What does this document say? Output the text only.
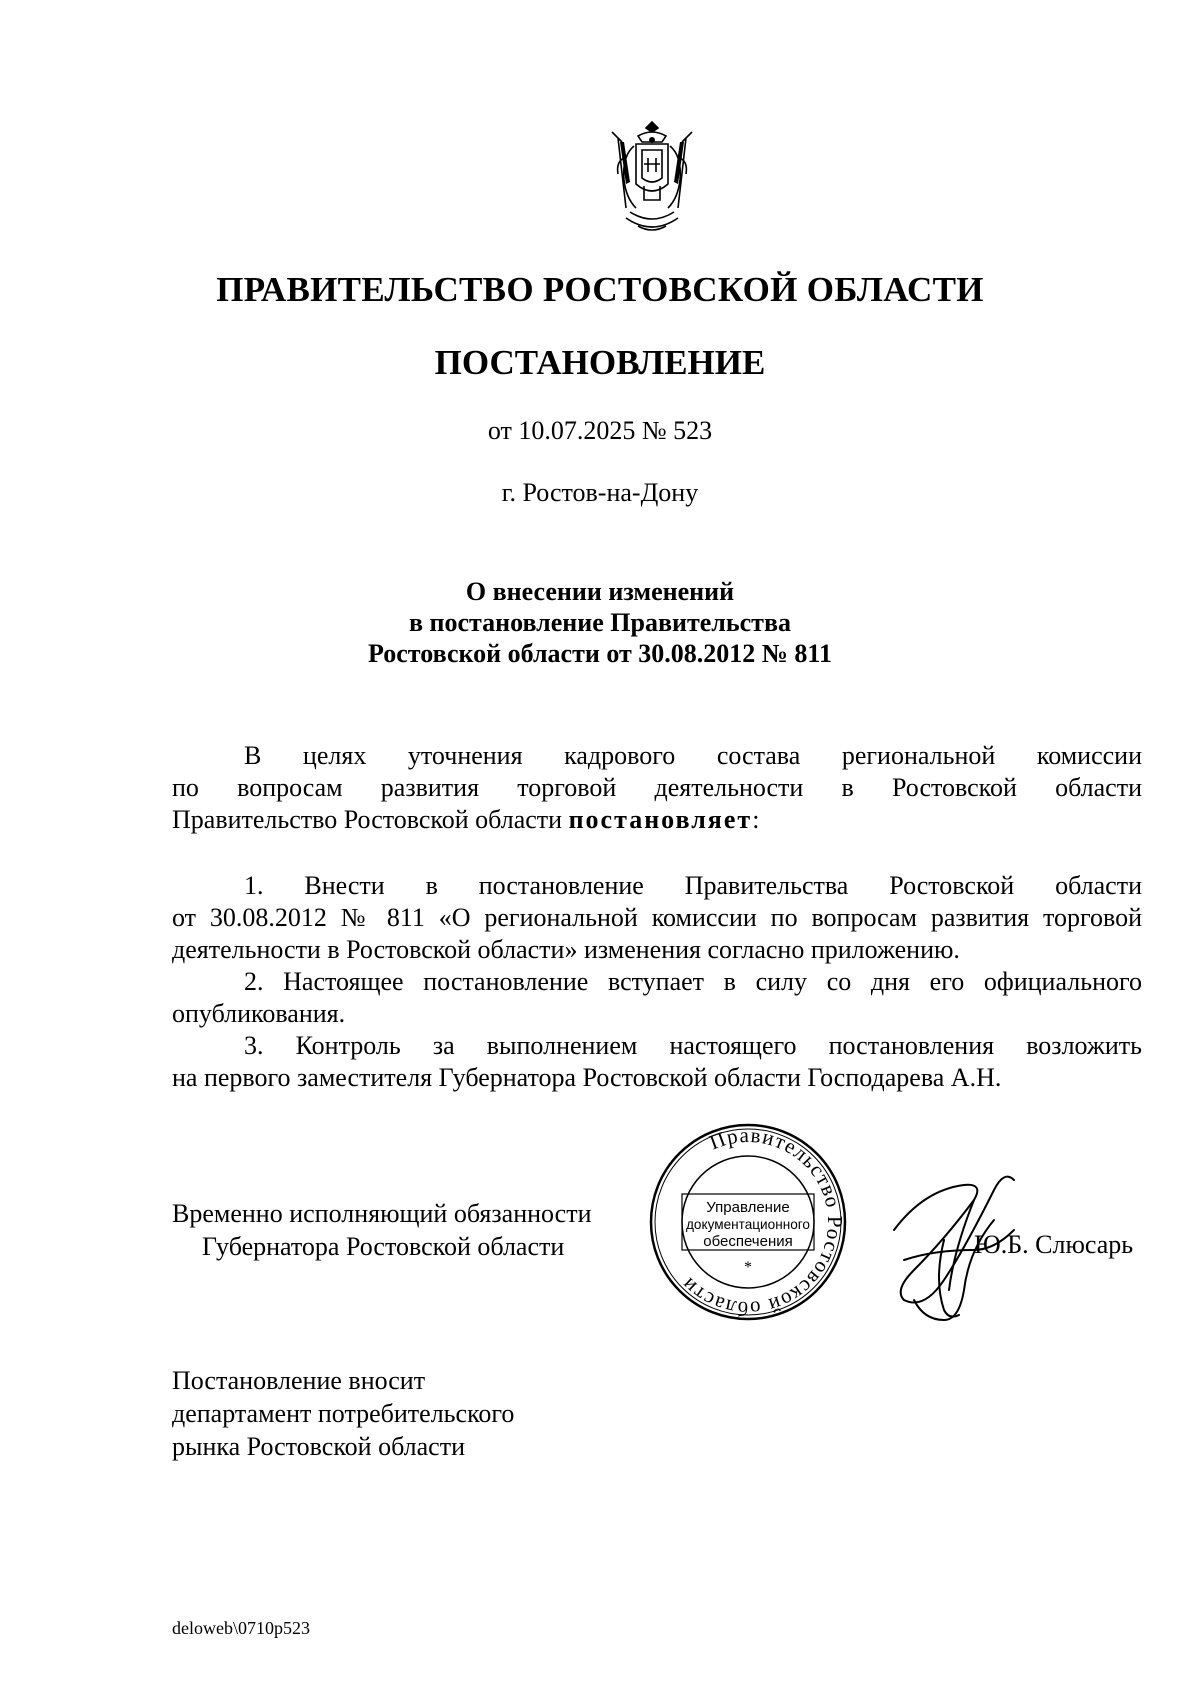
ПРАВИТЕЛЬСТВО РОСТОВСКОЙ ОБЛАСТИ
ПОСТАНОВЛЕНИЕ
от 10.07.2025 № 523
г. Ростов-на-Дону
О внесении изменений
в постановление Правительства
Ростовской области от 30.08.2012 № 811
В целях уточнения кадрового состава региональной комиссии
по вопросам развития торговой деятельности в Ростовской области
Правительство Ростовской области постановляет:
1. Внести в постановление Правительства Ростовской области
от 30.08.2012 № 811 «О региональной комиссии по вопросам развития торговой
деятельности в Ростовской области» изменения согласно приложению.
2. Настоящее постановление вступает в силу со дня его официального
опубликования.
3. Контроль за выполнением настоящего постановления возложить
на первого заместителя Губернатора Ростовской области Господарева А.Н.
Временно исполняющий обязанности
Губернатора Ростовской области
Правительство Ростовской области
Управление
документационного
обеспечения
*
Ю.Б. Слюсарь
Постановление вносит
департамент потребительского
рынка Ростовской области
deloweb\0710p523
